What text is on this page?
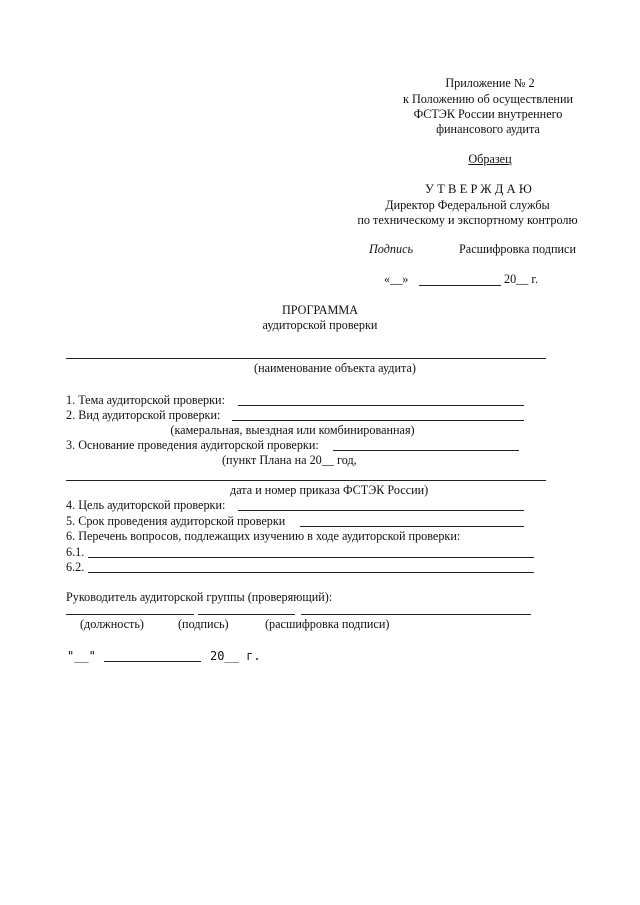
Приложение № 2
к Положению об осуществлении
ФСТЭК России внутреннего
финансового аудита
Образец
УТВЕРЖДАЮ
Директор Федеральной службы
по техническому и экспортному контролю
Подпись	Расшифровка подписи
«__»	20__ г.
ПРОГРАММА
аудиторской проверки
(наименование объекта аудита)
1. Тема аудиторской проверки:
2. Вид аудиторской проверки:
(камеральная, выездная или комбинированная)
3. Основание проведения аудиторской проверки:
(пункт Плана на 20__ год,
дата и номер приказа ФСТЭК России)
4. Цель аудиторской проверки:
5. Срок проведения аудиторской проверки
6. Перечень вопросов, подлежащих изучению в ходе аудиторской проверки:
6.1.
6.2.
Руководитель аудиторской группы (проверяющий):
(должность)	(подпись)	(расшифровка подписи)
"__"	20__ г.
